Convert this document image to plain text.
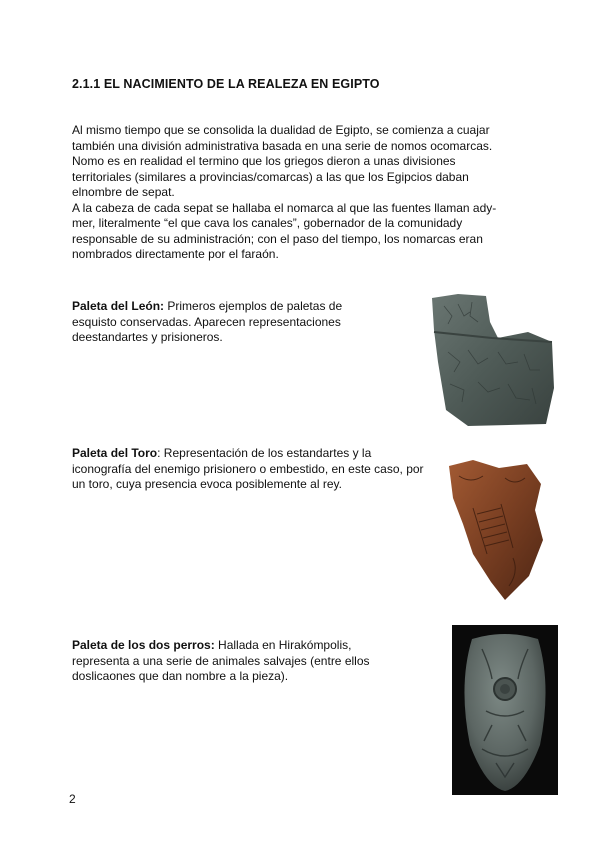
2.1.1 EL NACIMIENTO DE LA REALEZA EN EGIPTO

Al mismo tiempo que se consolida la dualidad de Egipto, se comienza a cuajar también una división administrativa basada en una serie de nomos ocomarcas.

Nomo es en realidad el termino que los griegos dieron a unas divisiones territoriales (similares a provincias/comarcas) a las que los Egipcios daban elnombre de sepat.

A la cabeza de cada sepat se hallaba el nomarca al que las fuentes llaman ady-mer, literalmente “el que cava los canales”, gobernador de la comunidady responsable de su administración; con el paso del tiempo, los nomarcas eran nombrados directamente por el faraón.

Paleta del León: Primeros ejemplos de paletas de esquisto conservadas. Aparecen representaciones deestandartes y prisioneros.

Paleta del Toro: Representación de los estandartes y la iconografía del enemigo prisionero o embestido, en este caso, por un toro, cuya presencia evoca posiblemente al rey.

Paleta de los dos perros: Hallada en Hirakómpolis, representa a una serie de animales salvajes (entre ellos doslicaones que dan nombre a la pieza).

2
